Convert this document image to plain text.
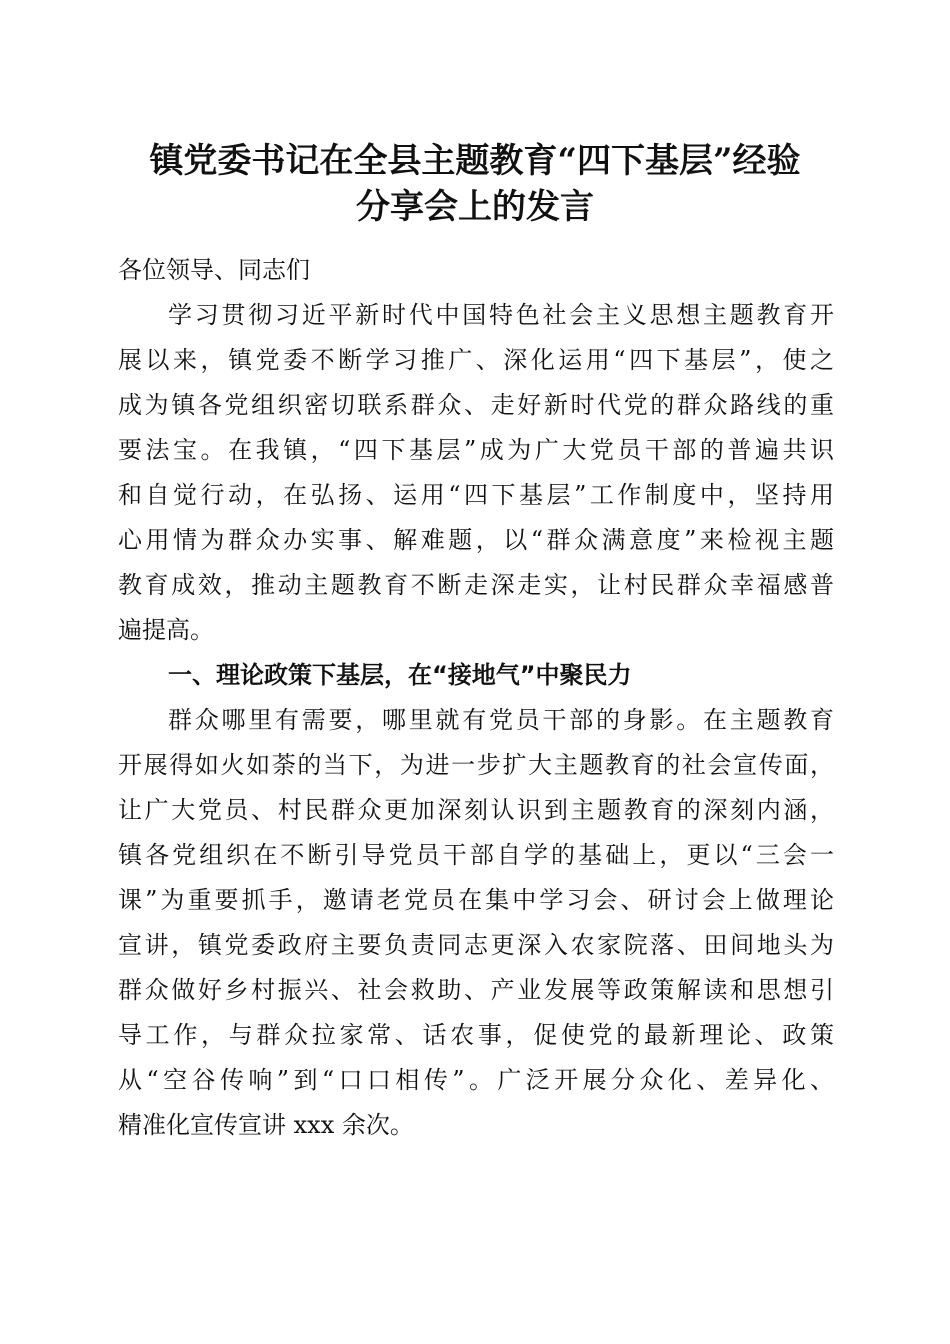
镇党委书记在全县主题教育“四下基层”经验
分享会上的发言
各位领导、同志们
学习贯彻习近平新时代中国特色社会主义思想主题教育开
展以来，镇党委不断学习推广、深化运用“四下基层”，使之
成为镇各党组织密切联系群众、走好新时代党的群众路线的重
要法宝。在我镇，“四下基层”成为广大党员干部的普遍共识
和自觉行动，在弘扬、运用“四下基层”工作制度中，坚持用
心用情为群众办实事、解难题，以“群众满意度”来检视主题
教育成效，推动主题教育不断走深走实，让村民群众幸福感普
遍提高。
一、理论政策下基层，在“接地气”中聚民力
群众哪里有需要，哪里就有党员干部的身影。在主题教育
开展得如火如荼的当下，为进一步扩大主题教育的社会宣传面，
让广大党员、村民群众更加深刻认识到主题教育的深刻内涵，
镇各党组织在不断引导党员干部自学的基础上，更以“三会一
课”为重要抓手，邀请老党员在集中学习会、研讨会上做理论
宣讲，镇党委政府主要负责同志更深入农家院落、田间地头为
群众做好乡村振兴、社会救助、产业发展等政策解读和思想引
导工作，与群众拉家常、话农事，促使党的最新理论、政策
从“空谷传响”到“口口相传”。广泛开展分众化、差异化、
精准化宣传宣讲 xxx 余次。
